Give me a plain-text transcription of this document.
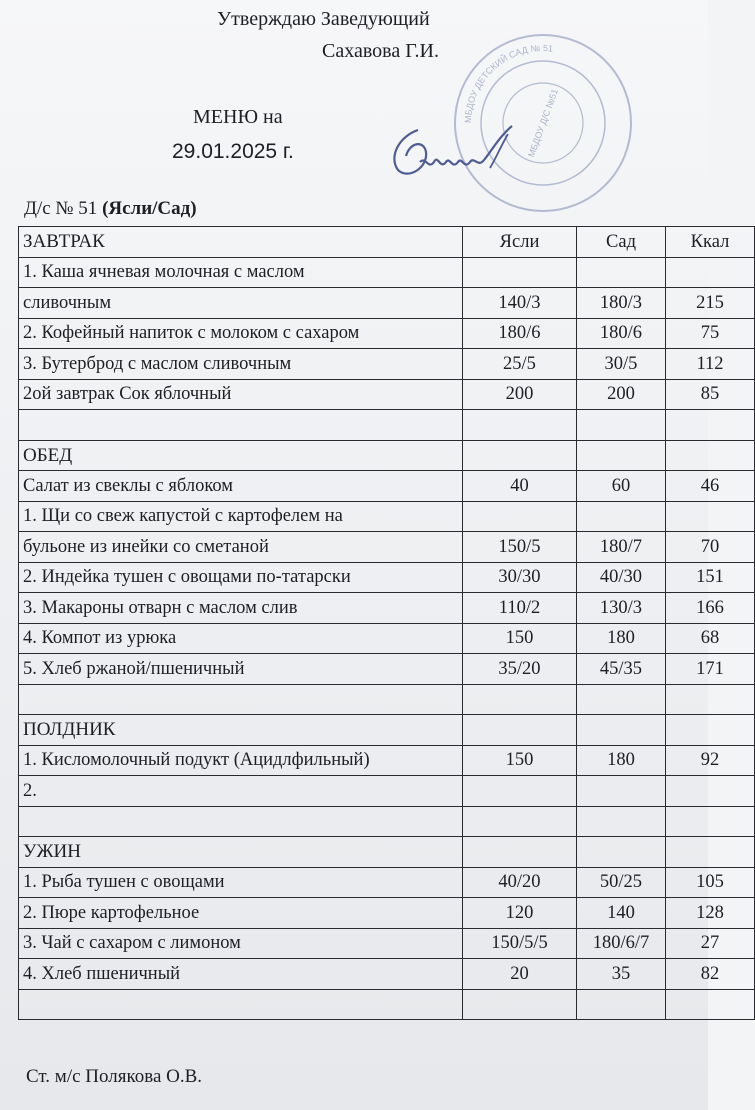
Утверждаю Заведующий
Сахавова Г.И.
МБДОУ ДЕТСКИЙ САД № 51
МБДОУ Д/С №51
МЕНЮ на
29.01.2025 г.
Д/с № 51 (Ясли/Сад)
ЗАВТРАК	Ясли	Сад	Ккал
1. Каша ячневая молочная с маслом			
сливочным	140/3	180/3	215
2. Кофейный напиток с молоком с сахаром	180/6	180/6	75
3. Бутерброд с маслом сливочным	25/5	30/5	112
2ой завтрак Сок яблочный	200	200	85

ОБЕД			
Салат из свеклы с яблоком	40	60	46
1. Щи со свеж капустой с картофелем на			
бульоне из инейки со сметаной	150/5	180/7	70
2. Индейка тушен с овощами по-татарски	30/30	40/30	151
3. Макароны отварн с маслом слив	110/2	130/3	166
4. Компот из урюка	150	180	68
5. Хлеб ржаной/пшеничный	35/20	45/35	171

ПОЛДНИК			
1. Кисломолочный подукт (Ацидлфильный)	150	180	92
2.			

УЖИН			
1. Рыба тушен с овощами	40/20	50/25	105
2. Пюре картофельное	120	140	128
3. Чай с сахаром с лимоном	150/5/5	180/6/7	27
4. Хлеб пшеничный	20	35	82

Ст. м/с Полякова О.В.
